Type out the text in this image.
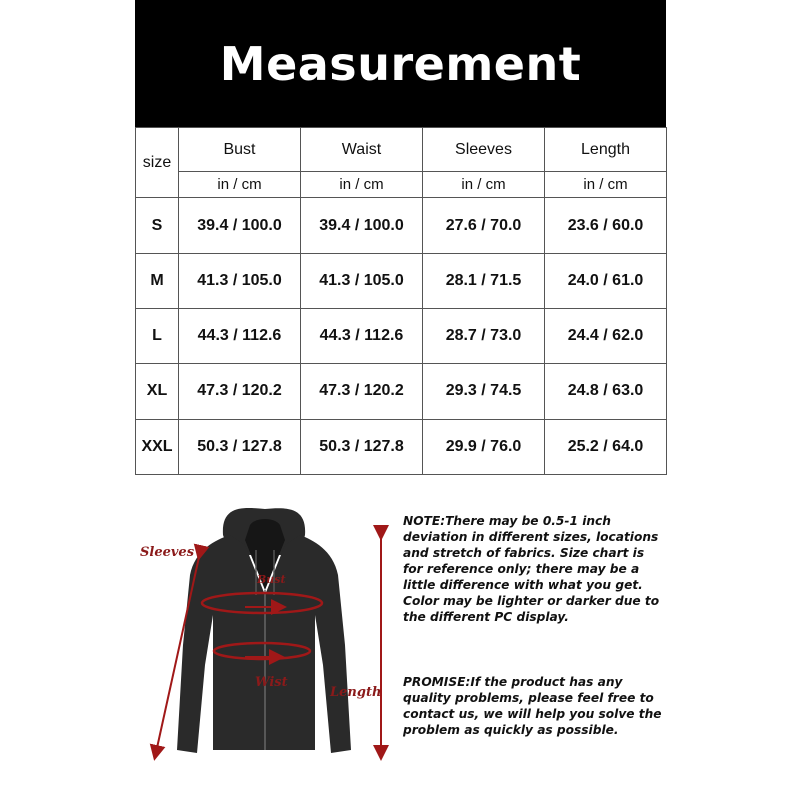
Measurement
size	Bust	Waist	Sleeves	Length
	in / cm	in / cm	in / cm	in / cm
S	39.4 / 100.0	39.4 / 100.0	27.6 / 70.0	23.6 / 60.0
M	41.3 / 105.0	41.3 / 105.0	28.1 / 71.5	24.0 / 61.0
L	44.3 / 112.6	44.3 / 112.6	28.7 / 73.0	24.4 / 62.0
XL	47.3 / 120.2	47.3 / 120.2	29.3 / 74.5	24.8 / 63.0
XXL	50.3 / 127.8	50.3 / 127.8	29.9 / 76.0	25.2 / 64.0
Sleeves
Bust
Wist
Length
NOTE:There may be 0.5-1 inch deviation in different sizes, locations and stretch of fabrics. Size chart is for reference only; there may be a little difference with what you get. Color may be lighter or darker due to the different PC display.
PROMISE:If the product has any quality problems, please feel free to contact us, we will help you solve the problem as quickly as possible.
